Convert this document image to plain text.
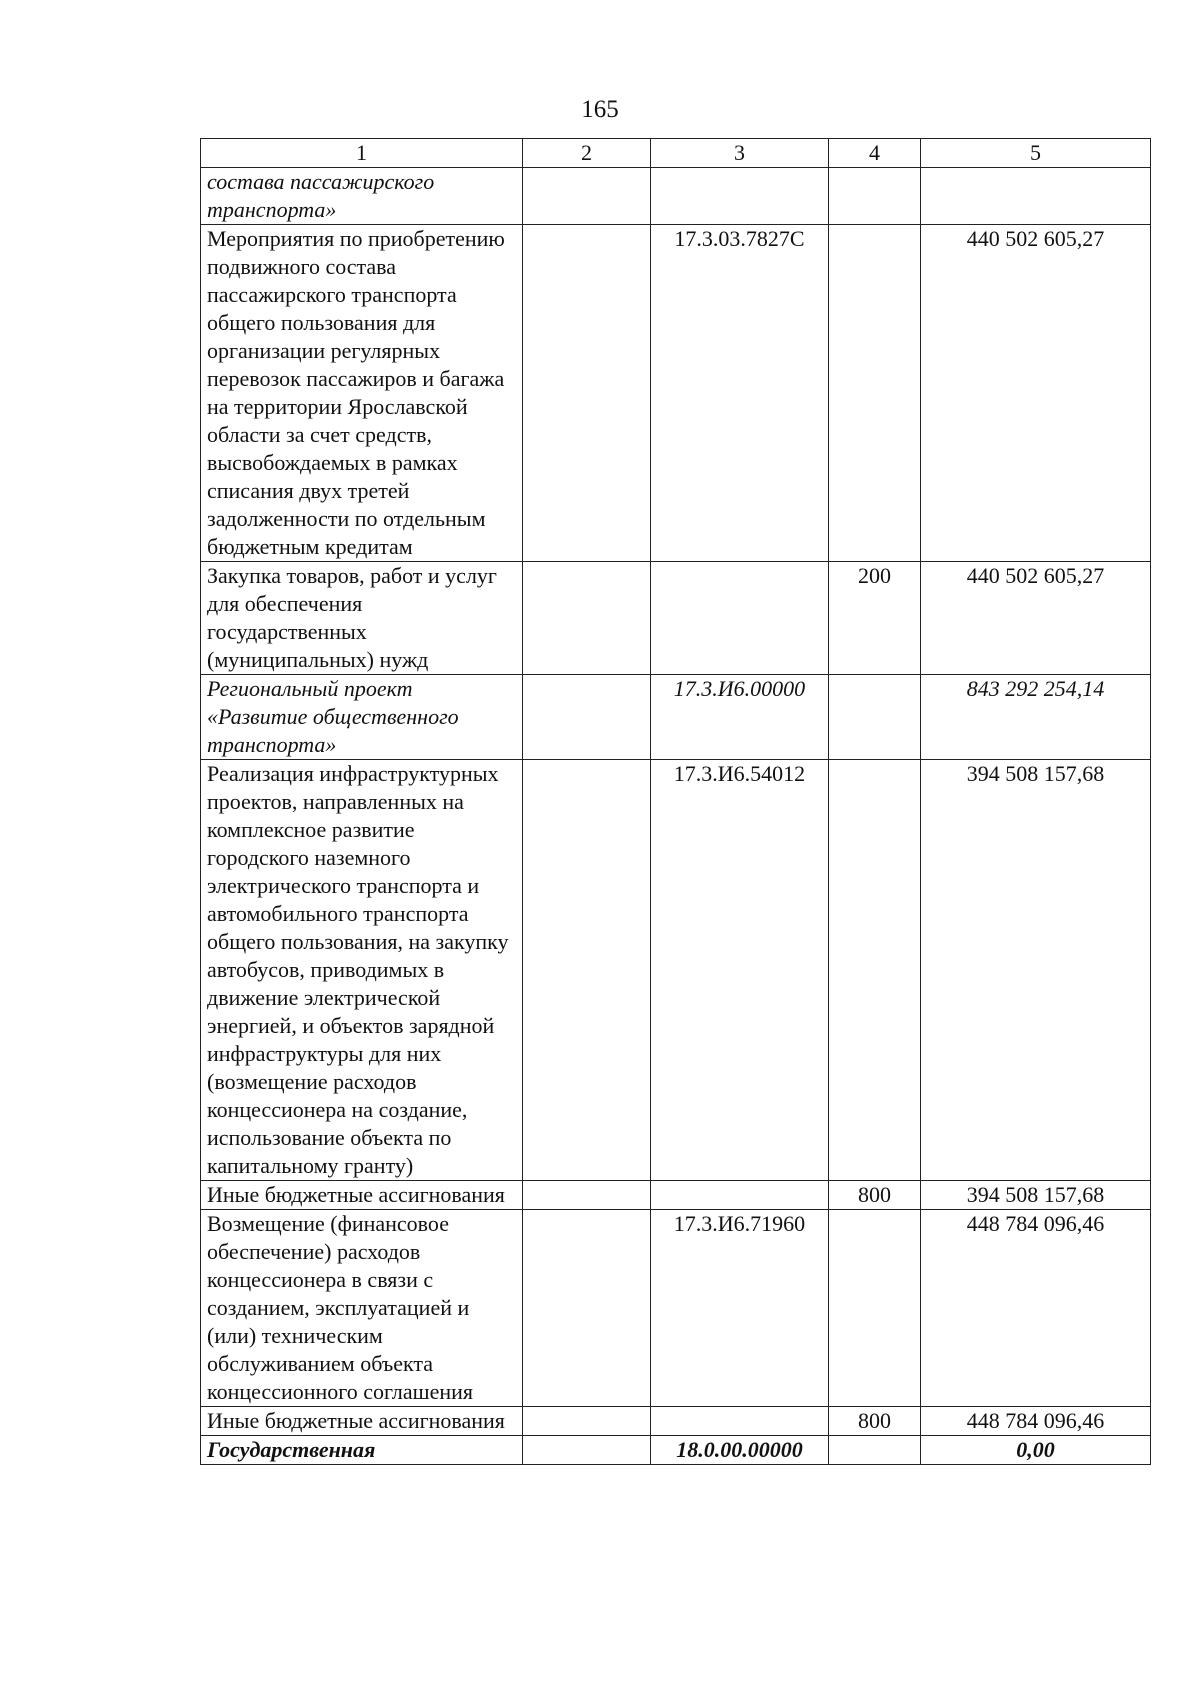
165
1	2	3	4	5
состава пассажирского транспорта»				
Мероприятия по приобретению подвижного состава пассажирского транспорта общего пользования для организации регулярных перевозок пассажиров и багажа на территории Ярославской области за счет средств, высвобождаемых в рамках списания двух третей задолженности по отдельным бюджетным кредитам		17.3.03.7827С		440 502 605,27
Закупка товаров, работ и услуг для обеспечения государственных (муниципальных) нужд			200	440 502 605,27
Региональный проект «Развитие общественного транспорта»		17.3.И6.00000		843 292 254,14
Реализация инфраструктурных проектов, направленных на комплексное развитие городского наземного электрического транспорта и автомобильного транспорта общего пользования, на закупку автобусов, приводимых в движение электрической энергией, и объектов зарядной инфраструктуры для них (возмещение расходов концессионера на создание, использование объекта по капитальному гранту)		17.3.И6.54012		394 508 157,68
Иные бюджетные ассигнования			800	394 508 157,68
Возмещение (финансовое обеспечение) расходов концессионера в связи с созданием, эксплуатацией и (или) техническим обслуживанием объекта концессионного соглашения		17.3.И6.71960		448 784 096,46
Иные бюджетные ассигнования			800	448 784 096,46
Государственная		18.0.00.00000		0,00
